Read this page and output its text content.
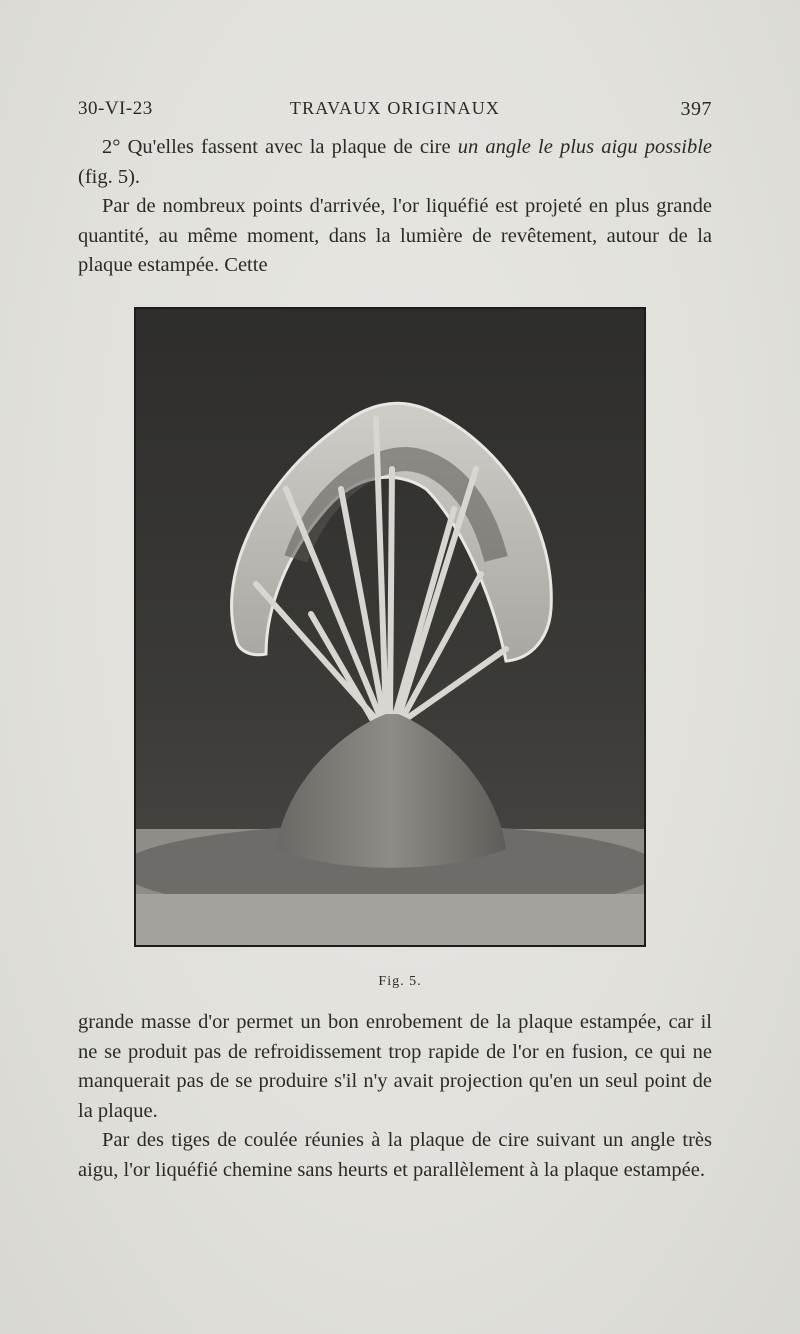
30-VI-23	TRAVAUX ORIGINAUX	397

2° Qu'elles fassent avec la plaque de cire un angle le plus aigu possible (fig. 5).

Par de nombreux points d'arrivée, l'or liquéfié est projeté en plus grande quantité, au même moment, dans la lumière de revêtement, autour de la plaque estampée. Cette

Fig. 5.

grande masse d'or permet un bon enrobement de la plaque estampée, car il ne se produit pas de refroidissement trop rapide de l'or en fusion, ce qui ne manquerait pas de se produire s'il n'y avait projection qu'en un seul point de la plaque.

Par des tiges de coulée réunies à la plaque de cire suivant un angle très aigu, l'or liquéfié chemine sans heurts et parallèlement à la plaque estampée.
